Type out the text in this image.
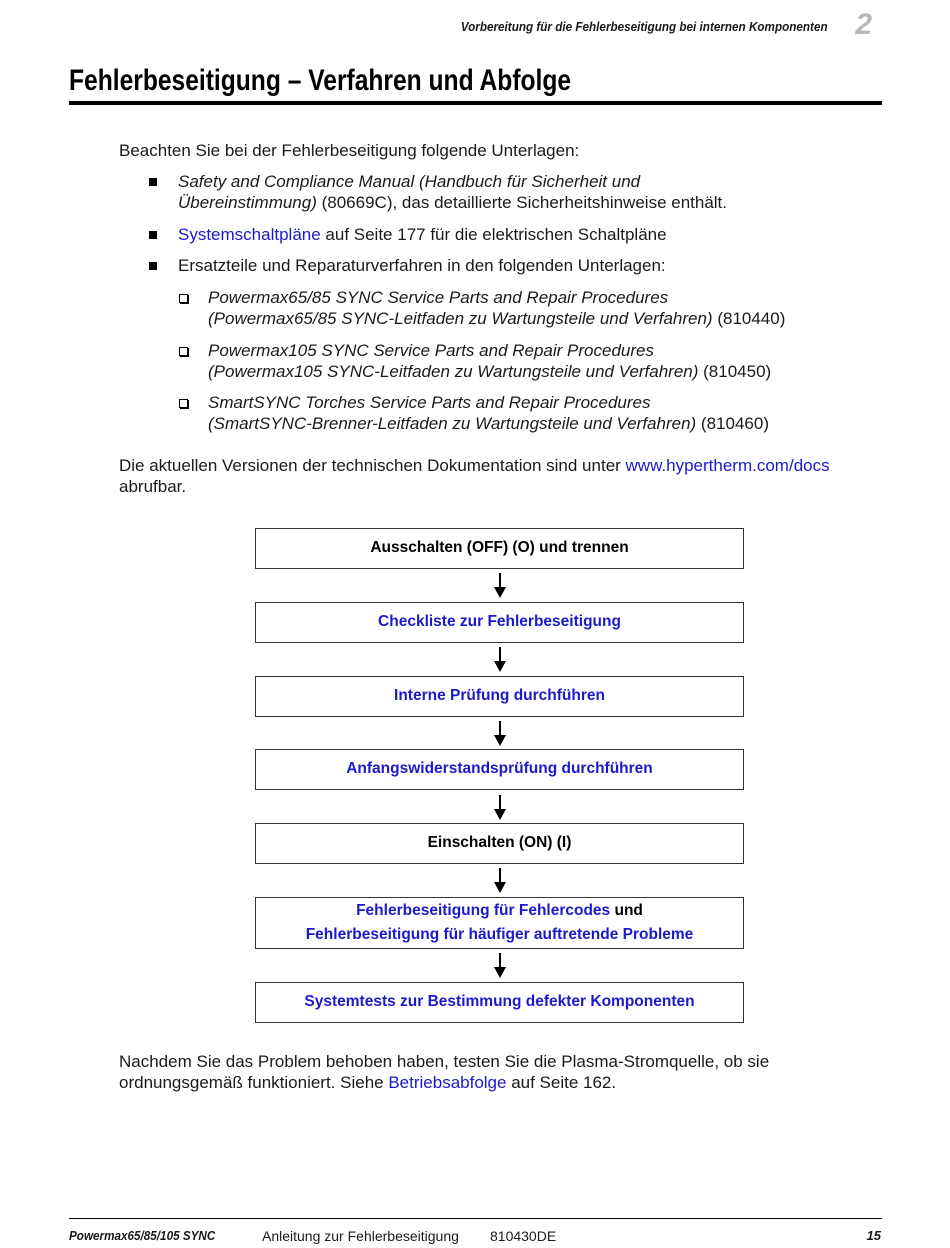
Vorbereitung für die Fehlerbeseitigung bei internen Komponenten 2
Fehlerbeseitigung – Verfahren und Abfolge
Beachten Sie bei der Fehlerbeseitigung folgende Unterlagen:
Safety and Compliance Manual (Handbuch für Sicherheit und
Übereinstimmung) (80669C), das detaillierte Sicherheitshinweise enthält.
Systemschaltpläne auf Seite 177 für die elektrischen Schaltpläne
Ersatzteile und Reparaturverfahren in den folgenden Unterlagen:
Powermax65/85 SYNC Service Parts and Repair Procedures
(Powermax65/85 SYNC-Leitfaden zu Wartungsteile und Verfahren) (810440)
Powermax105 SYNC Service Parts and Repair Procedures
(Powermax105 SYNC-Leitfaden zu Wartungsteile und Verfahren) (810450)
SmartSYNC Torches Service Parts and Repair Procedures
(SmartSYNC-Brenner-Leitfaden zu Wartungsteile und Verfahren) (810460)
Die aktuellen Versionen der technischen Dokumentation sind unter www.hypertherm.com/docs
abrufbar.
Ausschalten (OFF) (O) und trennen
Checkliste zur Fehlerbeseitigung
Interne Prüfung durchführen
Anfangswiderstandsprüfung durchführen
Einschalten (ON) (I)
Fehlerbeseitigung für Fehlercodes und
Fehlerbeseitigung für häufiger auftretende Probleme
Systemtests zur Bestimmung defekter Komponenten
Nachdem Sie das Problem behoben haben, testen Sie die Plasma-Stromquelle, ob sie
ordnungsgemäß funktioniert. Siehe Betriebsabfolge auf Seite 162.
Powermax65/85/105 SYNC	Anleitung zur Fehlerbeseitigung 810430DE	15
